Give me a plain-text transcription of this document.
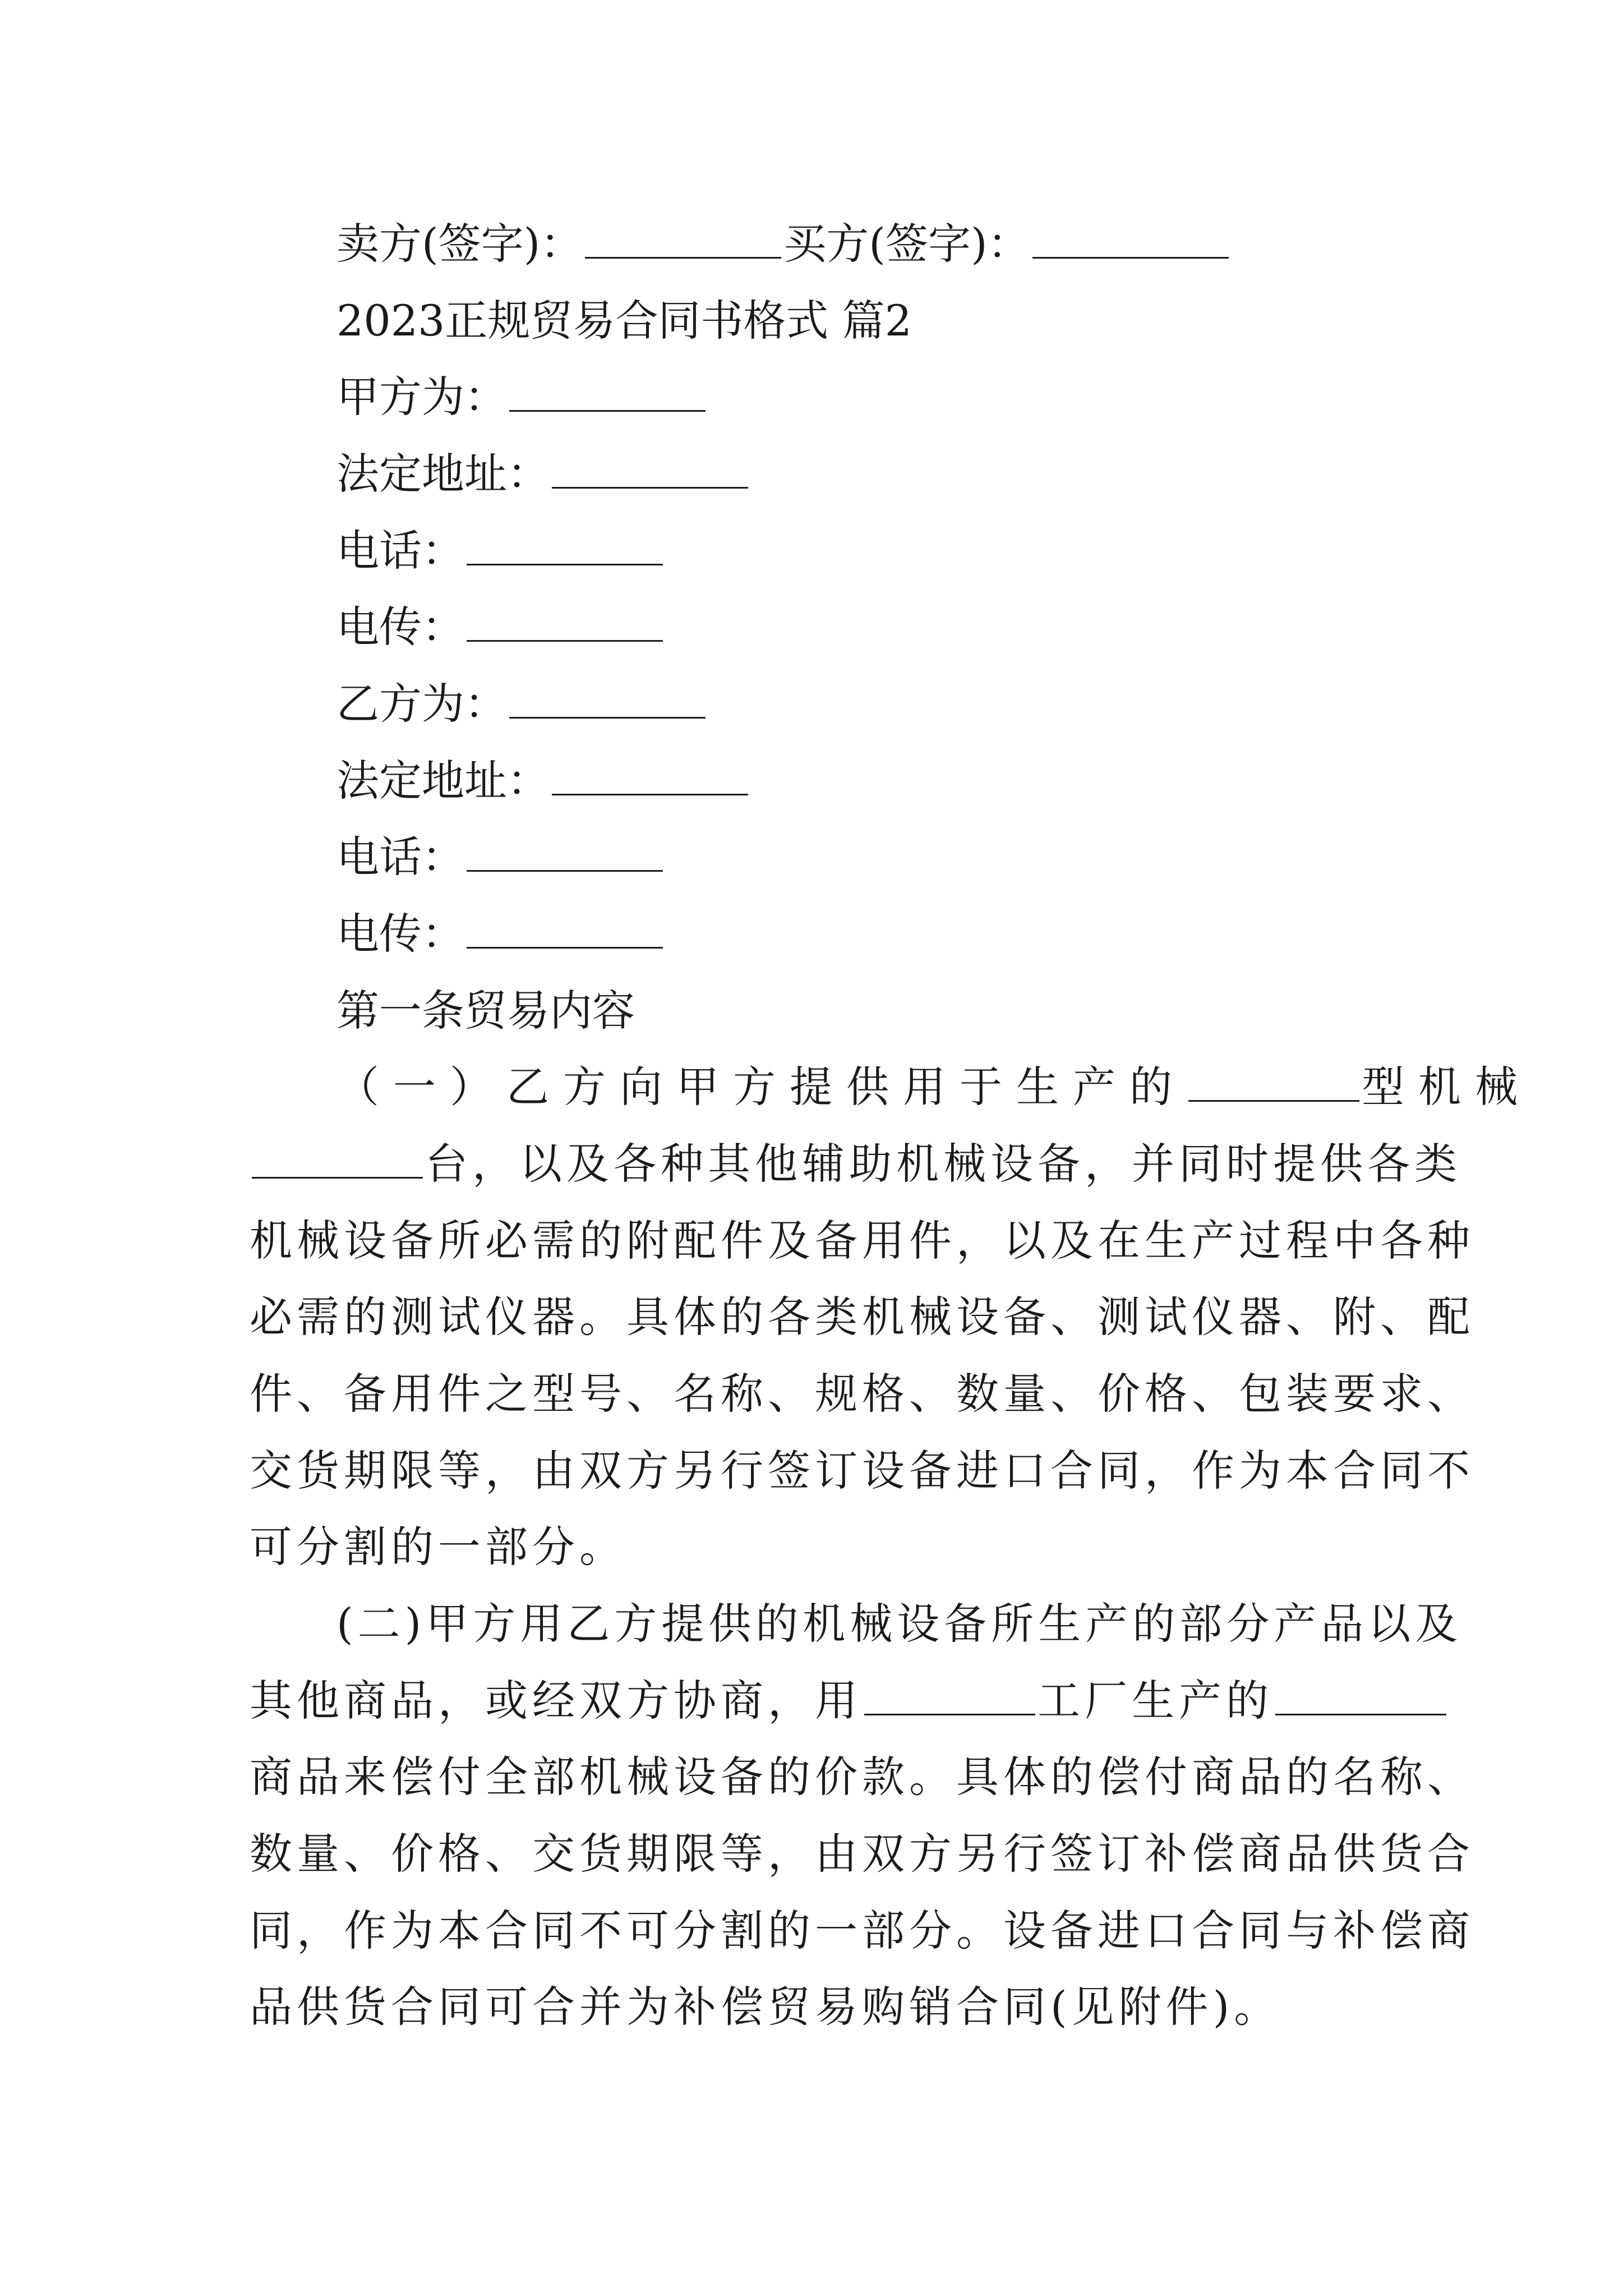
卖方(签字)：	买方(签字)：
2023正规贸易合同书格式 篇2
甲方为：
法定地址：
电话：
电传：
乙方为：
法定地址：
电话：
电传：
第一条贸易内容
（一）乙方向甲方提供用于生产的	型机械
台，以及各种其他辅助机械设备，并同时提供各类
机械设备所必需的附配件及备用件，以及在生产过程中各种
必需的测试仪器。具体的各类机械设备、测试仪器、附、配
件、备用件之型号、名称、规格、数量、价格、包装要求、
交货期限等，由双方另行签订设备进口合同，作为本合同不
可分割的一部分。
(二)甲方用乙方提供的机械设备所生产的部分产品以及
其他商品，或经双方协商，用	工厂生产的
商品来偿付全部机械设备的价款。具体的偿付商品的名称、
数量、价格、交货期限等，由双方另行签订补偿商品供货合
同，作为本合同不可分割的一部分。设备进口合同与补偿商
品供货合同可合并为补偿贸易购销合同(见附件)。
